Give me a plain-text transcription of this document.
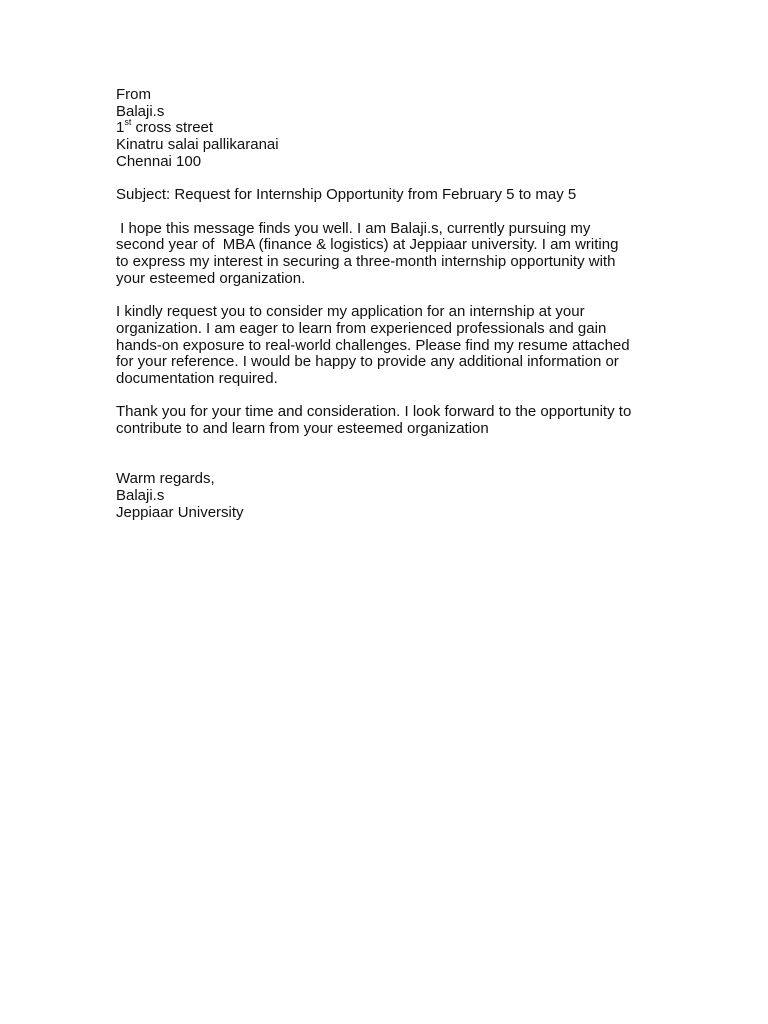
From
Balaji.s
1st cross street
Kinatru salai pallikaranai
Chennai 100
Subject: Request for Internship Opportunity from February 5 to may 5

I hope this message finds you well. I am Balaji.s, currently pursuing my
second year of  MBA (finance & logistics) at Jeppiaar university. I am writing
to express my interest in securing a three-month internship opportunity with
your esteemed organization.

I kindly request you to consider my application for an internship at your
organization. I am eager to learn from experienced professionals and gain
hands-on exposure to real-world challenges. Please find my resume attached
for your reference. I would be happy to provide any additional information or
documentation required.

Thank you for your time and consideration. I look forward to the opportunity to
contribute to and learn from your esteemed organization

Warm regards,
Balaji.s
Jeppiaar University
